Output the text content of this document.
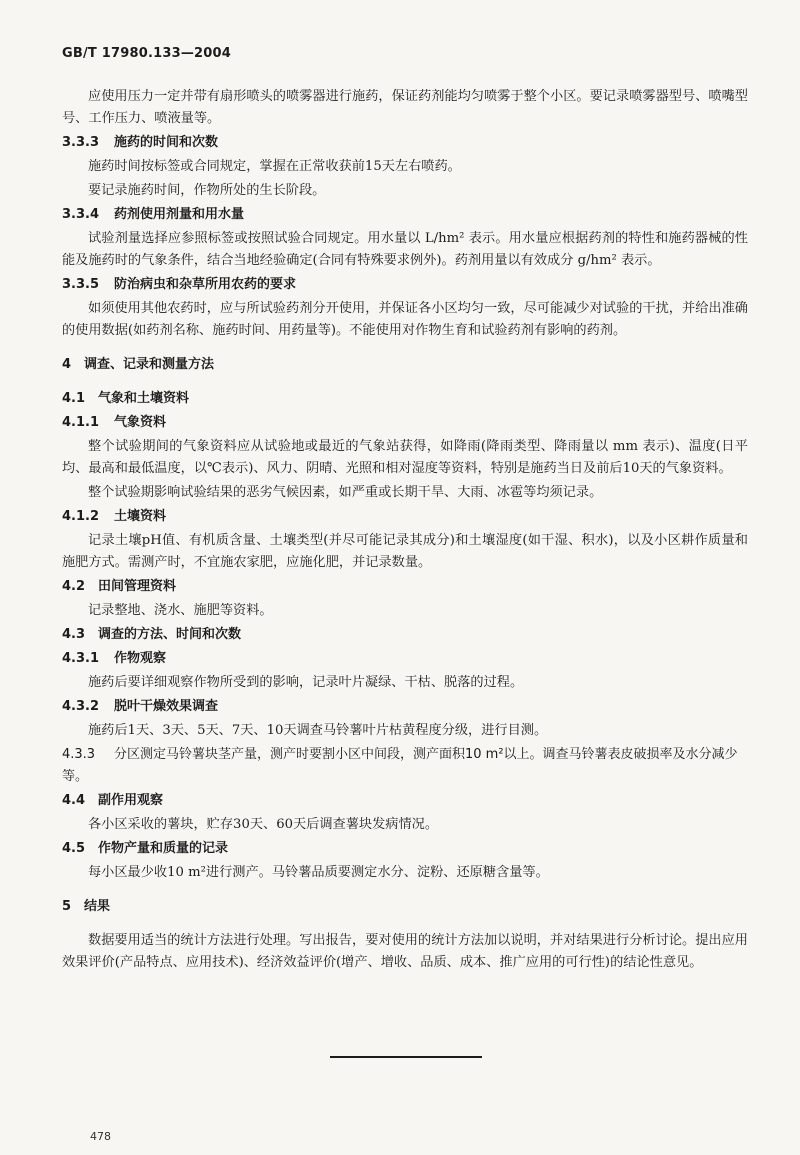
GB/T 17980.133—2004

应使用压力一定并带有扇形喷头的喷雾器进行施药，保证药剂能均匀喷雾于整个小区。要记录喷雾器型号、喷嘴型号、工作压力、喷液量等。

3.3.3 施药的时间和次数

施药时间按标签或合同规定，掌握在正常收获前15天左右喷药。

要记录施药时间，作物所处的生长阶段。

3.3.4 药剂使用剂量和用水量

试验剂量选择应参照标签或按照试验合同规定。用水量以 L/hm² 表示。用水量应根据药剂的特性和施药器械的性能及施药时的气象条件，结合当地经验确定(合同有特殊要求例外)。药剂用量以有效成分 g/hm² 表示。

3.3.5 防治病虫和杂草所用农药的要求

如须使用其他农药时，应与所试验药剂分开使用，并保证各小区均匀一致，尽可能减少对试验的干扰，并给出准确的使用数据(如药剂名称、施药时间、用药量等)。不能使用对作物生育和试验药剂有影响的药剂。

4 调查、记录和测量方法
4.1 气象和土壤资料
4.1.1 气象资料

整个试验期间的气象资料应从试验地或最近的气象站获得，如降雨(降雨类型、降雨量以 mm 表示)、温度(日平均、最高和最低温度，以℃表示)、风力、阴晴、光照和相对湿度等资料，特别是施药当日及前后10天的气象资料。

整个试验期影响试验结果的恶劣气候因素，如严重或长期干旱、大雨、冰雹等均须记录。

4.1.2 土壤资料

记录土壤pH值、有机质含量、土壤类型(并尽可能记录其成分)和土壤湿度(如干湿、积水)，以及小区耕作质量和施肥方式。需测产时，不宜施农家肥，应施化肥，并记录数量。

4.2 田间管理资料

记录整地、浇水、施肥等资料。

4.3 调查的方法、时间和次数
4.3.1 作物观察

施药后要详细观察作物所受到的影响，记录叶片凝绿、干枯、脱落的过程。

4.3.2 脱叶干燥效果调查

施药后1天、3天、5天、7天、10天调查马铃薯叶片枯黄程度分级，进行目测。

4.3.3 分区测定马铃薯块茎产量，测产时要割小区中间段，测产面积10 m²以上。调查马铃薯表皮破损率及水分减少等。
4.4 副作用观察

各小区采收的薯块，贮存30天、60天后调查薯块发病情况。

4.5 作物产量和质量的记录

每小区最少收10 m²进行测产。马铃薯品质要测定水分、淀粉、还原糖含量等。

5 结果

数据要用适当的统计方法进行处理。写出报告，要对使用的统计方法加以说明，并对结果进行分析讨论。提出应用效果评价(产品特点、应用技术)、经济效益评价(增产、增收、品质、成本、推广应用的可行性)的结论性意见。

478
